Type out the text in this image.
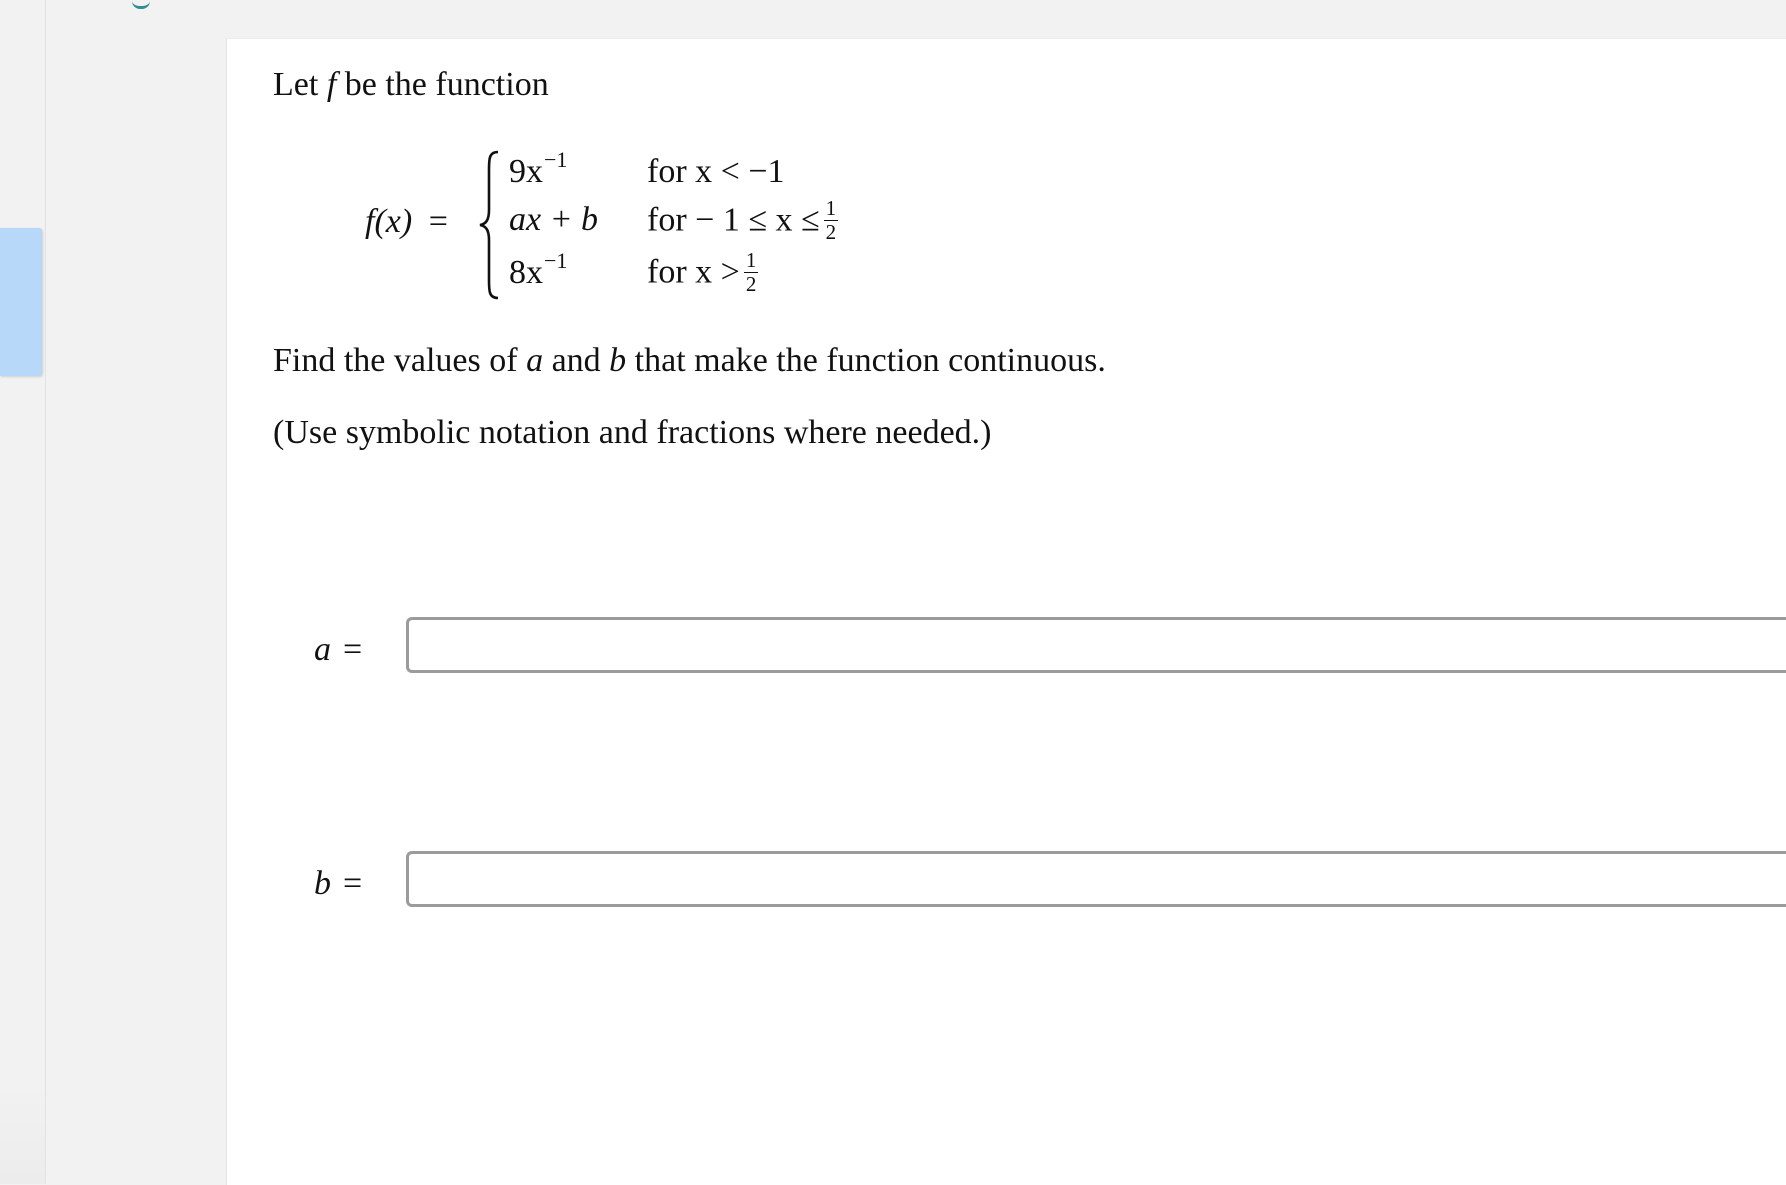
Let f be the function
f(x) =
$9x^{-1}$ for x < −1
ax + b for − $1 \le x \le \frac{1}{2}$
$8x^{-1}$ for $x > \frac{1}{2}$
Find the values of a and b that make the function continuous.
(Use symbolic notation and fractions where needed.)
a =
b =
